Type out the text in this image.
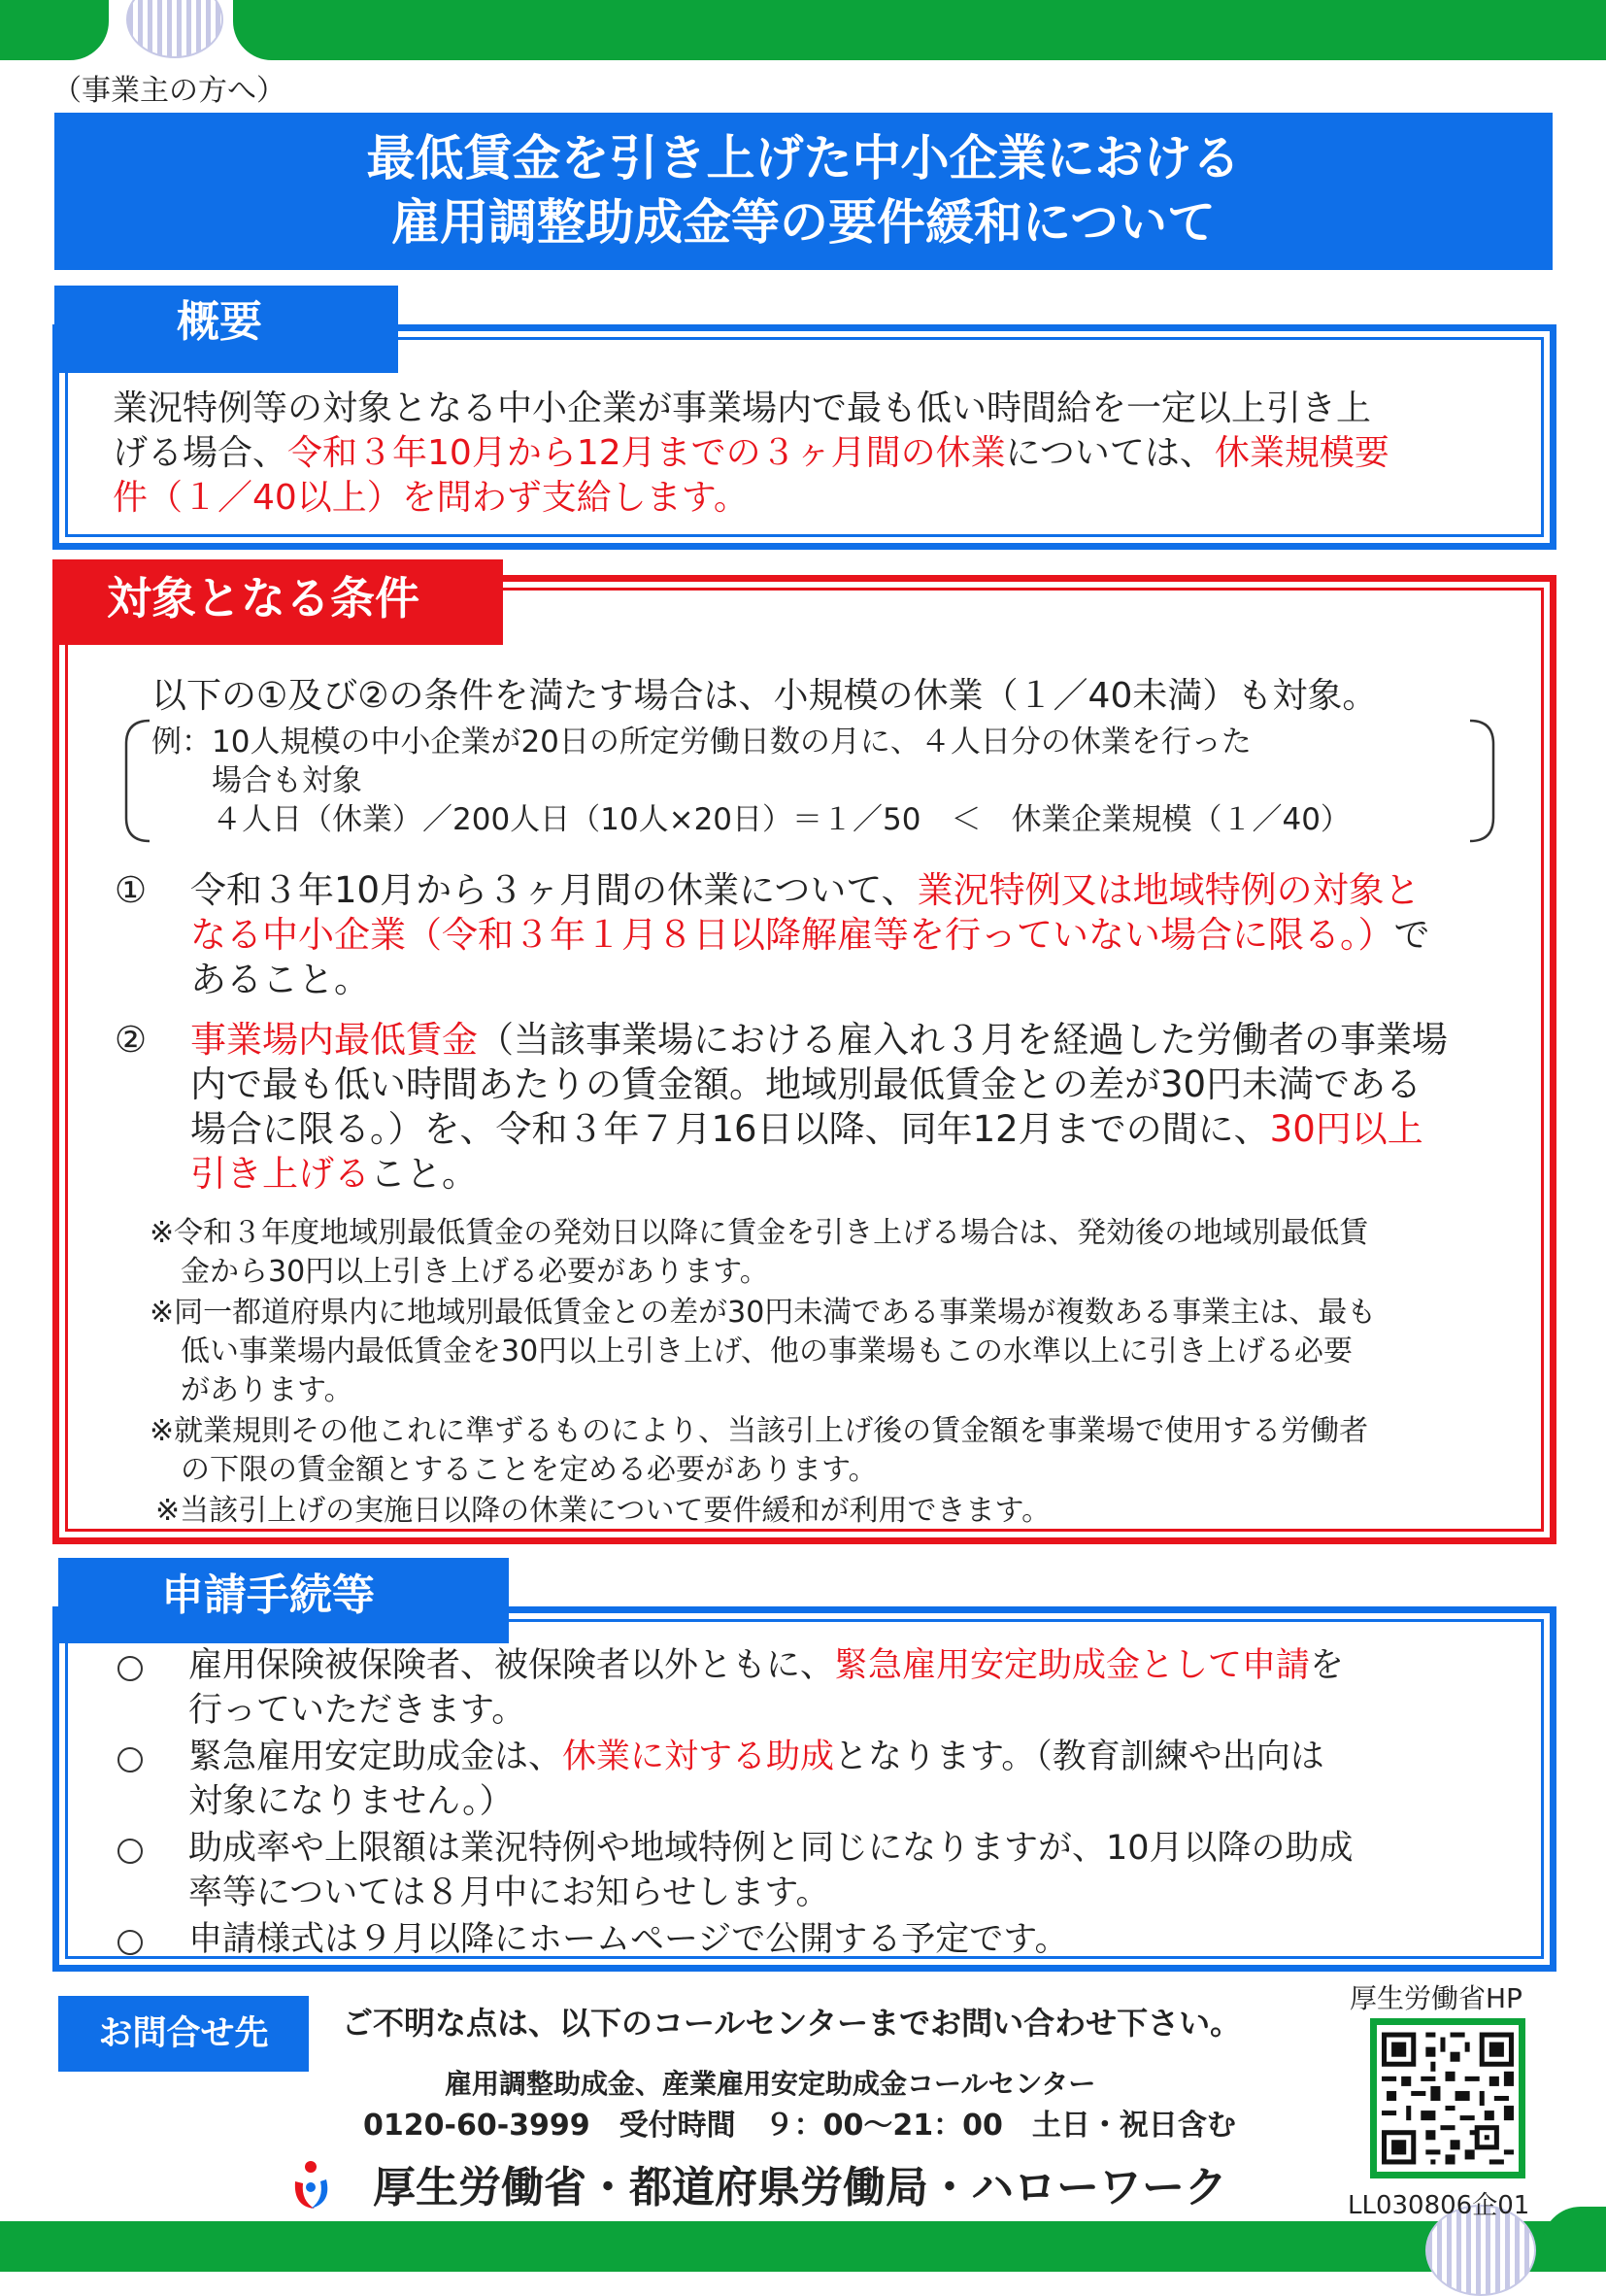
（事業主の方へ）
最低賃金を引き上げた中小企業における
雇用調整助成金等の要件緩和について
概要
業況特例等の対象となる中小企業が事業場内で最も低い時間給を一定以上引き上
げる場合、令和３年10月から12月までの３ヶ月間の休業については、休業規模要
件（１／40以上）を問わず支給します。
対象となる条件
以下の①及び②の条件を満たす場合は、小規模の休業（１／40未満）も対象。
例：10人規模の中小企業が20日の所定労働日数の月に、４人日分の休業を行った
場合も対象
４人日（休業）／200人日（10人×20日）＝１／50　＜　休業企業規模（１／40）
① 令和３年10月から３ヶ月間の休業について、業況特例又は地域特例の対象と
なる中小企業（令和３年１月８日以降解雇等を行っていない場合に限る。）で
あること。
② 事業場内最低賃金（当該事業場における雇入れ３月を経過した労働者の事業場
内で最も低い時間あたりの賃金額。地域別最低賃金との差が30円未満である
場合に限る。）を、令和３年７月16日以降、同年12月までの間に、30円以上
引き上げること。
※令和３年度地域別最低賃金の発効日以降に賃金を引き上げる場合は、発効後の地域別最低賃
金から30円以上引き上げる必要があります。
※同一都道府県内に地域別最低賃金との差が30円未満である事業場が複数ある事業主は、最も
低い事業場内最低賃金を30円以上引き上げ、他の事業場もこの水準以上に引き上げる必要
があります。
※就業規則その他これに準ずるものにより、当該引上げ後の賃金額を事業場で使用する労働者
の下限の賃金額とすることを定める必要があります。
※当該引上げの実施日以降の休業について要件緩和が利用できます。
申請手続等
雇用保険被保険者、被保険者以外ともに、緊急雇用安定助成金として申請を
行っていただきます。
緊急雇用安定助成金は、休業に対する助成となります。（教育訓練や出向は
対象になりません。）
助成率や上限額は業況特例や地域特例と同じになりますが、10月以降の助成
率等については８月中にお知らせします。
申請様式は９月以降にホームページで公開する予定です。
お問合せ先	ご不明な点は、以下のコールセンターまでお問い合わせ下さい。
雇用調整助成金、産業雇用安定助成金コールセンター
0120-60-3999　受付時間　９：00～21：00　土日・祝日含む
厚生労働省・都道府県労働局・ハローワーク
厚生労働省HP
LL030806企01
